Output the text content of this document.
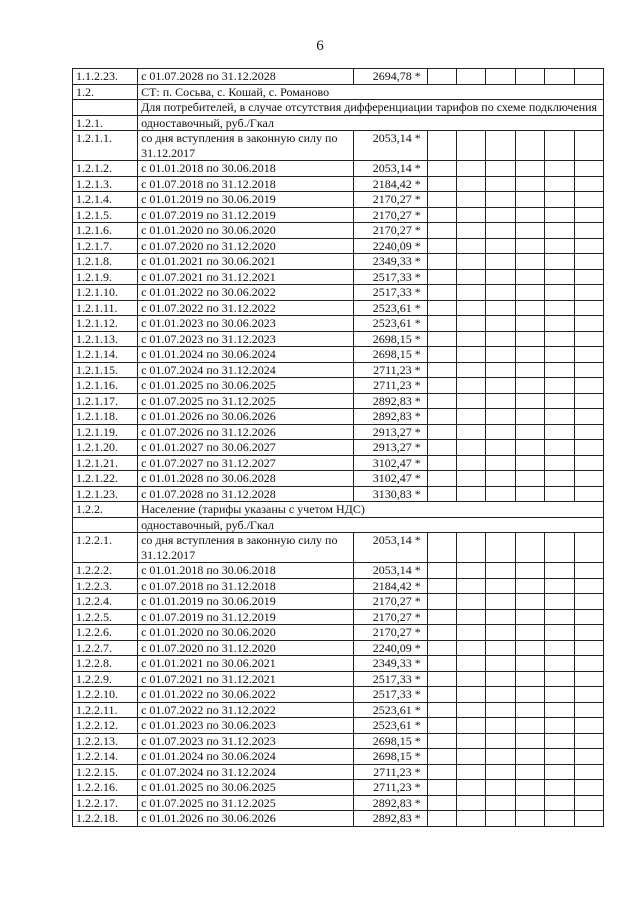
6
1.1.2.23.	с 01.07.2028 по 31.12.2028	2694,78 *						
1.2.	СТ: п. Сосьва, с. Кошай, с. Романово							
	Для потребителей, в случае отсутствия дифференциации тарифов по схеме подключения							
1.2.1.	одноставочный, руб./Гкал							
1.2.1.1.	со дня вступления в законную силу по 31.12.2017	2053,14 *						
1.2.1.2.	с 01.01.2018 по 30.06.2018	2053,14 *						
1.2.1.3.	с 01.07.2018 по 31.12.2018	2184,42 *						
1.2.1.4.	с 01.01.2019 по 30.06.2019	2170,27 *						
1.2.1.5.	с 01.07.2019 по 31.12.2019	2170,27 *						
1.2.1.6.	с 01.01.2020 по 30.06.2020	2170,27 *						
1.2.1.7.	с 01.07.2020 по 31.12.2020	2240,09 *						
1.2.1.8.	с 01.01.2021 по 30.06.2021	2349,33 *						
1.2.1.9.	с 01.07.2021 по 31.12.2021	2517,33 *						
1.2.1.10.	с 01.01.2022 по 30.06.2022	2517,33 *						
1.2.1.11.	с 01.07.2022 по 31.12.2022	2523,61 *						
1.2.1.12.	с 01.01.2023 по 30.06.2023	2523,61 *						
1.2.1.13.	с 01.07.2023 по 31.12.2023	2698,15 *						
1.2.1.14.	с 01.01.2024 по 30.06.2024	2698,15 *						
1.2.1.15.	с 01.07.2024 по 31.12.2024	2711,23 *						
1.2.1.16.	с 01.01.2025 по 30.06.2025	2711,23 *						
1.2.1.17.	с 01.07.2025 по 31.12.2025	2892,83 *						
1.2.1.18.	с 01.01.2026 по 30.06.2026	2892,83 *						
1.2.1.19.	с 01.07.2026 по 31.12.2026	2913,27 *						
1.2.1.20.	с 01.01.2027 по 30.06.2027	2913,27 *						
1.2.1.21.	с 01.07.2027 по 31.12.2027	3102,47 *						
1.2.1.22.	с 01.01.2028 по 30.06.2028	3102,47 *						
1.2.1.23.	с 01.07.2028 по 31.12.2028	3130,83 *						
1.2.2.	Население (тарифы указаны с учетом НДС)							
	одноставочный, руб./Гкал							
1.2.2.1.	со дня вступления в законную силу по 31.12.2017	2053,14 *						
1.2.2.2.	с 01.01.2018 по 30.06.2018	2053,14 *						
1.2.2.3.	с 01.07.2018 по 31.12.2018	2184,42 *						
1.2.2.4.	с 01.01.2019 по 30.06.2019	2170,27 *						
1.2.2.5.	с 01.07.2019 по 31.12.2019	2170,27 *						
1.2.2.6.	с 01.01.2020 по 30.06.2020	2170,27 *						
1.2.2.7.	с 01.07.2020 по 31.12.2020	2240,09 *						
1.2.2.8.	с 01.01.2021 по 30.06.2021	2349,33 *						
1.2.2.9.	с 01.07.2021 по 31.12.2021	2517,33 *						
1.2.2.10.	с 01.01.2022 по 30.06.2022	2517,33 *						
1.2.2.11.	с 01.07.2022 по 31.12.2022	2523,61 *						
1.2.2.12.	с 01.01.2023 по 30.06.2023	2523,61 *						
1.2.2.13.	с 01.07.2023 по 31.12.2023	2698,15 *						
1.2.2.14.	с 01.01.2024 по 30.06.2024	2698,15 *						
1.2.2.15.	с 01.07.2024 по 31.12.2024	2711,23 *						
1.2.2.16.	с 01.01.2025 по 30.06.2025	2711,23 *						
1.2.2.17.	с 01.07.2025 по 31.12.2025	2892,83 *						
1.2.2.18.	с 01.01.2026 по 30.06.2026	2892,83 *						
